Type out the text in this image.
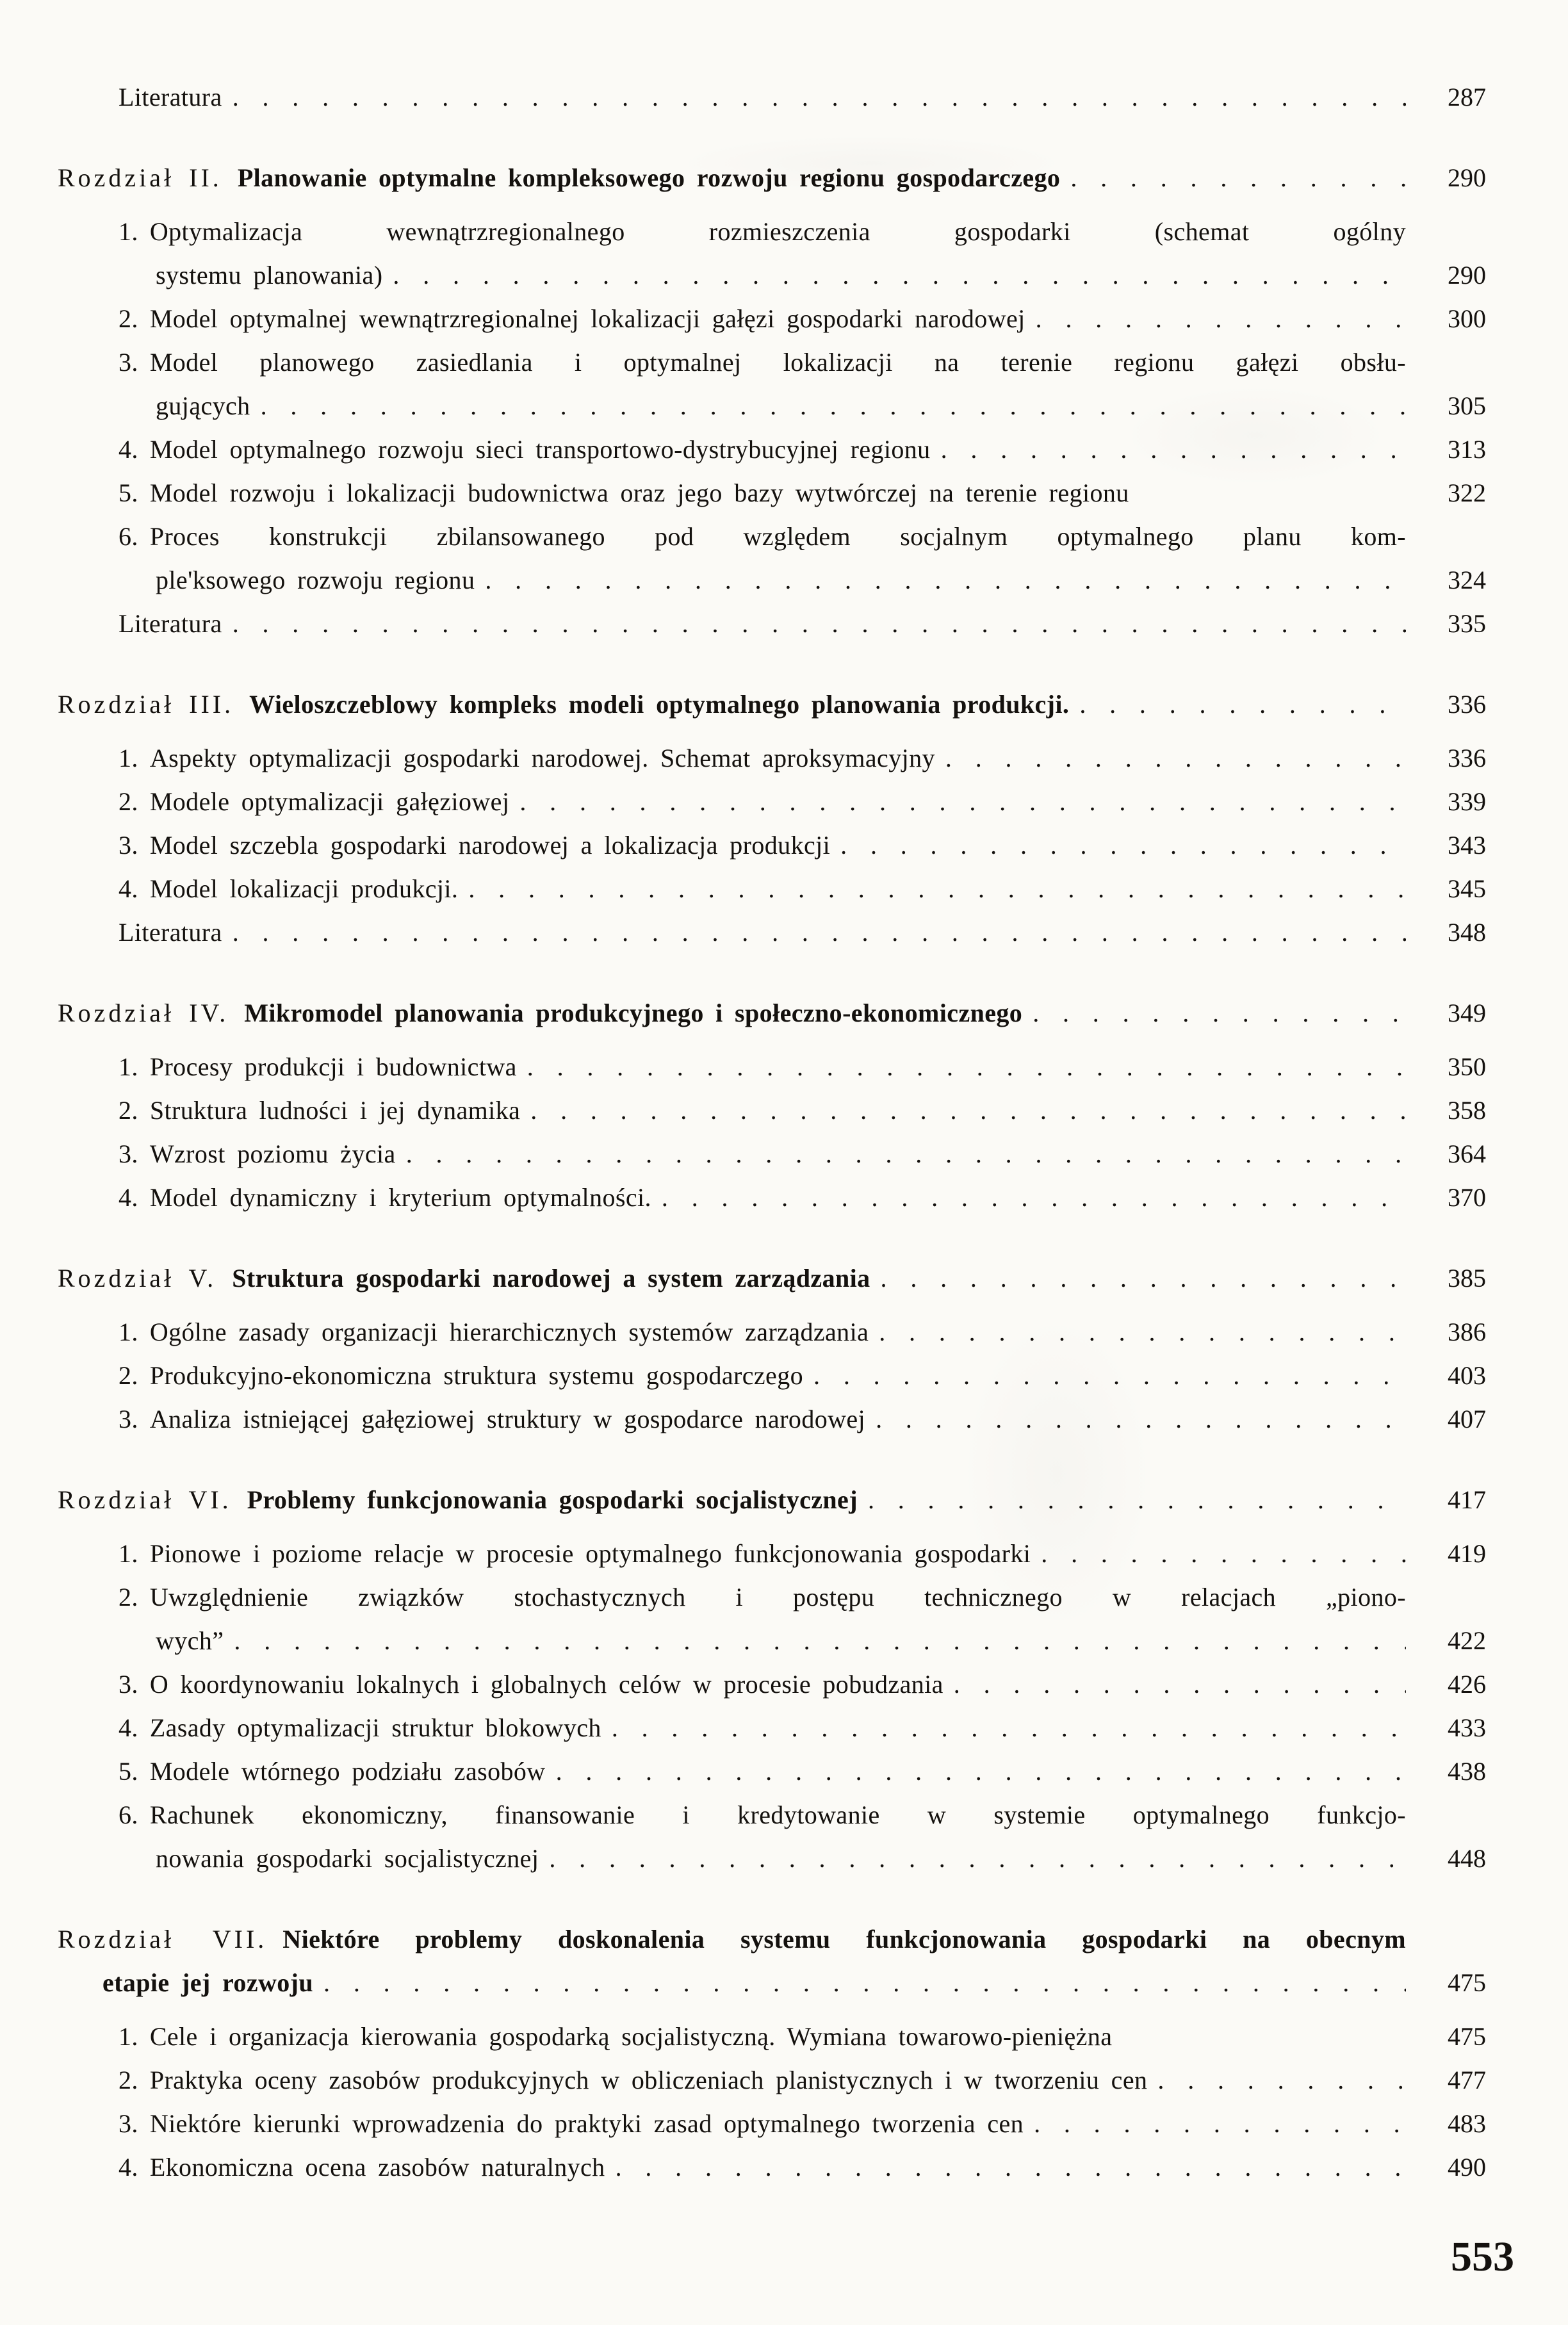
Literatura . . .	287
Rozdział II. Planowanie optymalne kompleksowego rozwoju regionu gospodarczego . . .	290
1. Optymalizacja wewnątrzregionalnego rozmieszczenia gospodarki (schemat ogólny
systemu planowania) . . .	290
2. Model optymalnej wewnątrzregionalnej lokalizacji gałęzi gospodarki narodowej . . .	300
3. Model planowego zasiedlania i optymalnej lokalizacji na terenie regionu gałęzi obsłu-
gujących . . .	305
4. Model optymalnego rozwoju sieci transportowo-dystrybucyjnej regionu . . .	313
5. Model rozwoju i lokalizacji budownictwa oraz jego bazy wytwórczej na terenie regionu	322
6. Proces konstrukcji zbilansowanego pod względem socjalnym optymalnego planu kom-
ple'ksowego rozwoju regionu . . .	324
Literatura . . .	335
Rozdział III. Wieloszczeblowy kompleks modeli optymalnego planowania produkcji. . . .	336
1. Aspekty optymalizacji gospodarki narodowej. Schemat aproksymacyjny . . .	336
2. Modele optymalizacji gałęziowej . . .	339
3. Model szczebla gospodarki narodowej a lokalizacja produkcji . . .	343
4. Model lokalizacji produkcji. . . .	345
Literatura . . .	348
Rozdział IV. Mikromodel planowania produkcyjnego i społeczno-ekonomicznego . . .	349
1. Procesy produkcji i budownictwa . . .	350
2. Struktura ludności i jej dynamika . . .	358
3. Wzrost poziomu życia . . .	364
4. Model dynamiczny i kryterium optymalności. . . .	370
Rozdział V. Struktura gospodarki narodowej a system zarządzania . . .	385
1. Ogólne zasady organizacji hierarchicznych systemów zarządzania . . .	386
2. Produkcyjno-ekonomiczna struktura systemu gospodarczego . . .	403
3. Analiza istniejącej gałęziowej struktury w gospodarce narodowej . . .	407
Rozdział VI. Problemy funkcjonowania gospodarki socjalistycznej . . .	417
1. Pionowe i poziome relacje w procesie optymalnego funkcjonowania gospodarki . . .	419
2. Uwzględnienie związków stochastycznych i postępu technicznego w relacjach „piono-
wych” . . .	422
3. O koordynowaniu lokalnych i globalnych celów w procesie pobudzania . . .	426
4. Zasady optymalizacji struktur blokowych . . .	433
5. Modele wtórnego podziału zasobów . . .	438
6. Rachunek ekonomiczny, finansowanie i kredytowanie w systemie optymalnego funkcjo-
nowania gospodarki socjalistycznej . . .	448
Rozdział VII. Niektóre problemy doskonalenia systemu funkcjonowania gospodarki na obecnym
etapie jej rozwoju . . .	475
1. Cele i organizacja kierowania gospodarką socjalistyczną. Wymiana towarowo-pieniężna	475
2. Praktyka oceny zasobów produkcyjnych w obliczeniach planistycznych i w tworzeniu cen . . .	477
3. Niektóre kierunki wprowadzenia do praktyki zasad optymalnego tworzenia cen . . .	483
4. Ekonomiczna ocena zasobów naturalnych . . .	490
553
